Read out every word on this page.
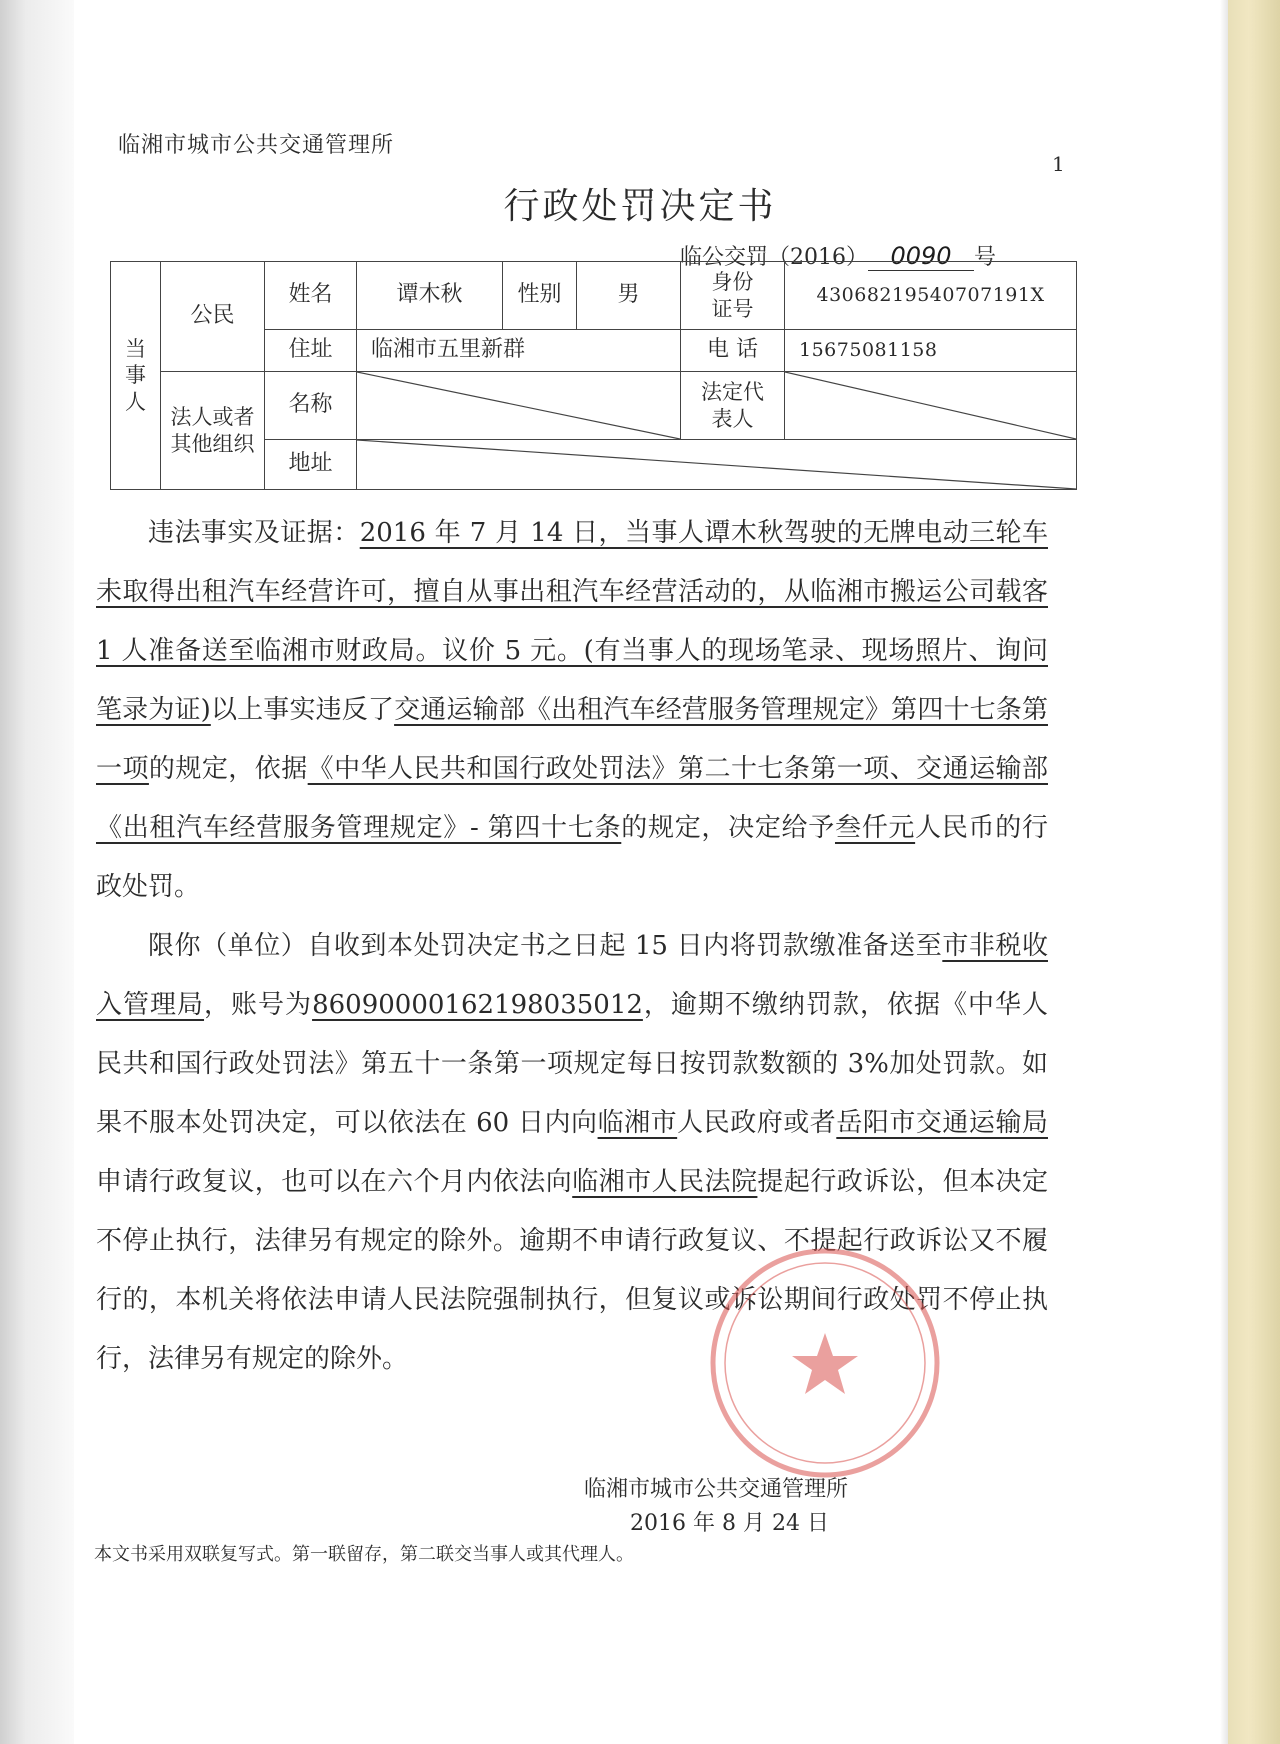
临湘市城市公共交通管理所
1
行政处罚决定书
临公交罚（2016） 0090 号
当事人	公民	姓名	谭木秋	性别	男	身份证号	43068219540707191X
		住址	临湘市五里新群			电 话	15675081158

	法人或者其他组织	名称				法定代表人

		地址	

违法事实及证据：2016 年 7 月 14 日，当事人谭木秋驾驶的无牌电动三轮车未取得出租汽车经营许可，擅自从事出租汽车经营活动的，从临湘市搬运公司载客 1 人准备送至临湘市财政局。议价 5 元。(有当事人的现场笔录、现场照片、询问笔录为证)以上事实违反了交通运输部《出租汽车经营服务管理规定》第四十七条第一项的规定，依据《中华人民共和国行政处罚法》第二十七条第一项、交通运输部《出租汽车经营服务管理规定》- 第四十七条的规定，决定给予叁仟元人民币的行政处罚。

限你（单位）自收到本处罚决定书之日起 15 日内将罚款缴准备送至市非税收入管理局，账号为86090000162198035012，逾期不缴纳罚款，依据《中华人民共和国行政处罚法》第五十一条第一项规定每日按罚款数额的 3%加处罚款。如果不服本处罚决定，可以依法在 60 日内向临湘市人民政府或者岳阳市交通运输局申请行政复议，也可以在六个月内依法向临湘市人民法院提起行政诉讼，但本决定不停止执行，法律另有规定的除外。逾期不申请行政复议、不提起行政诉讼又不履行的，本机关将依法申请人民法院强制执行，但复议或诉讼期间行政处罚不停止执行，法律另有规定的除外。

临湘市城市公共交通管理所
2016 年 8 月 24 日
本文书采用双联复写式。第一联留存，第二联交当事人或其代理人。
